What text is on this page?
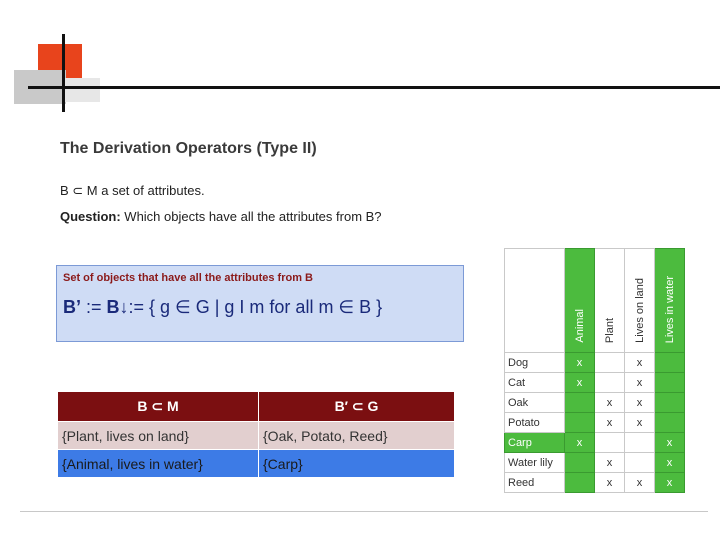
The Derivation Operators (Type II)
B ⊂ M a set of attributes.
Question: Which objects have all the attributes from B?
Set of objects that have all the attributes from B
B’ := B↓:= { g ∈ G | g I m for all m ∈ B }
B ⊂ M	B′ ⊂ G
{Plant, lives on land}	{Oak, Potato, Reed}
{Animal, lives in water}	{Carp}
	Animal	Plant	Lives on land	Lives in water
Dog	x		x	
Cat	x		x	
Oak		x	x	
Potato		x	x	
Carp	x			x
Water lily		x		x
Reed		x	x	x
